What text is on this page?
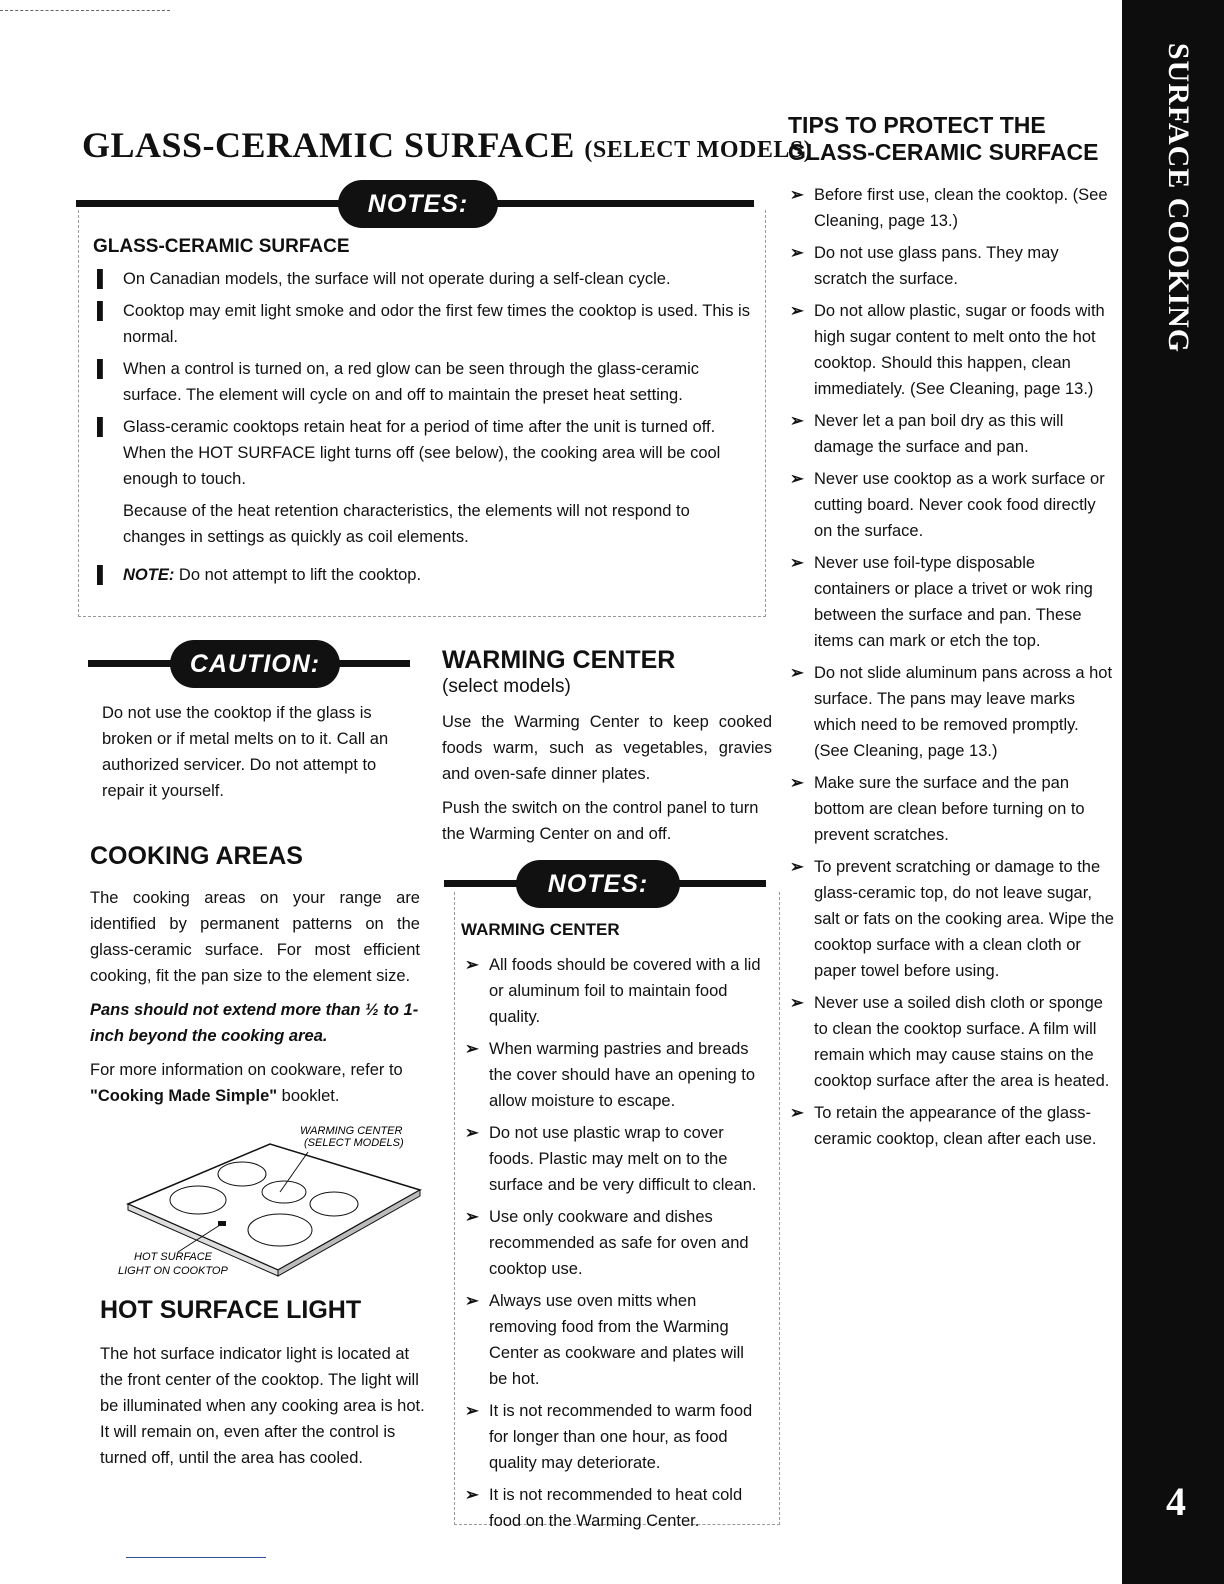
SURFACE COOKING
4
GLASS-CERAMIC SURFACE (SELECT MODELS)
NOTES:
GLASS-CERAMIC SURFACE
▌ On Canadian models, the surface will not operate during a self-clean cycle.
▌ Cooktop may emit light smoke and odor the first few times the cooktop is used. This is normal.
▌ When a control is turned on, a red glow can be seen through the glass-ceramic surface. The element will cycle on and off to maintain the preset heat setting.
▌ Glass-ceramic cooktops retain heat for a period of time after the unit is turned off. When the HOT SURFACE light turns off (see below), the cooking area will be cool enough to touch.

Because of the heat retention characteristics, the elements will not respond to changes in settings as quickly as coil elements.

▌ NOTE: Do not attempt to lift the cooktop.
CAUTION:
Do not use the cooktop if the glass is broken or if metal melts on to it. Call an authorized servicer. Do not attempt to repair it yourself.
COOKING AREAS

The cooking areas on your range are identified by permanent patterns on the glass-ceramic surface. For most efficient cooking, fit the pan size to the element size.

Pans should not extend more than ½ to 1-inch beyond the cooking area.

For more information on cookware, refer to "Cooking Made Simple" booklet.

WARMING CENTER
(SELECT MODELS)
HOT SURFACE
LIGHT ON COOKTOP
HOT SURFACE LIGHT

The hot surface indicator light is located at the front center of the cooktop. The light will be illuminated when any cooking area is hot. It will remain on, even after the control is turned off, until the area has cooled.

WARMING CENTER
(select models)

Use the Warming Center to keep cooked foods warm, such as vegetables, gravies and oven-safe dinner plates.

Push the switch on the control panel to turn the Warming Center on and off.

NOTES:
WARMING CENTER
➢ All foods should be covered with a lid or aluminum foil to maintain food quality.
➢ When warming pastries and breads the cover should have an opening to allow moisture to escape.
➢ Do not use plastic wrap to cover foods. Plastic may melt on to the surface and be very difficult to clean.
➢ Use only cookware and dishes recommended as safe for oven and cooktop use.
➢ Always use oven mitts when removing food from the Warming Center as cookware and plates will be hot.
➢ It is not recommended to warm food for longer than one hour, as food quality may deteriorate.
➢ It is not recommended to heat cold food on the Warming Center.
TIPS TO PROTECT THE
GLASS-CERAMIC SURFACE
➢ Before first use, clean the cooktop. (See Cleaning, page 13.)
➢ Do not use glass pans. They may scratch the surface.
➢ Do not allow plastic, sugar or foods with high sugar content to melt onto the hot cooktop. Should this happen, clean immediately. (See Cleaning, page 13.)
➢ Never let a pan boil dry as this will damage the surface and pan.
➢ Never use cooktop as a work surface or cutting board. Never cook food directly on the surface.
➢ Never use foil-type disposable containers or place a trivet or wok ring between the surface and pan. These items can mark or etch the top.
➢ Do not slide aluminum pans across a hot surface. The pans may leave marks which need to be removed promptly. (See Cleaning, page 13.)
➢ Make sure the surface and the pan bottom are clean before turning on to prevent scratches.
➢ To prevent scratching or damage to the glass-ceramic top, do not leave sugar, salt or fats on the cooking area. Wipe the cooktop surface with a clean cloth or paper towel before using.
➢ Never use a soiled dish cloth or sponge to clean the cooktop surface. A film will remain which may cause stains on the cooktop surface after the area is heated.
➢ To retain the appearance of the glass-ceramic cooktop, clean after each use.
